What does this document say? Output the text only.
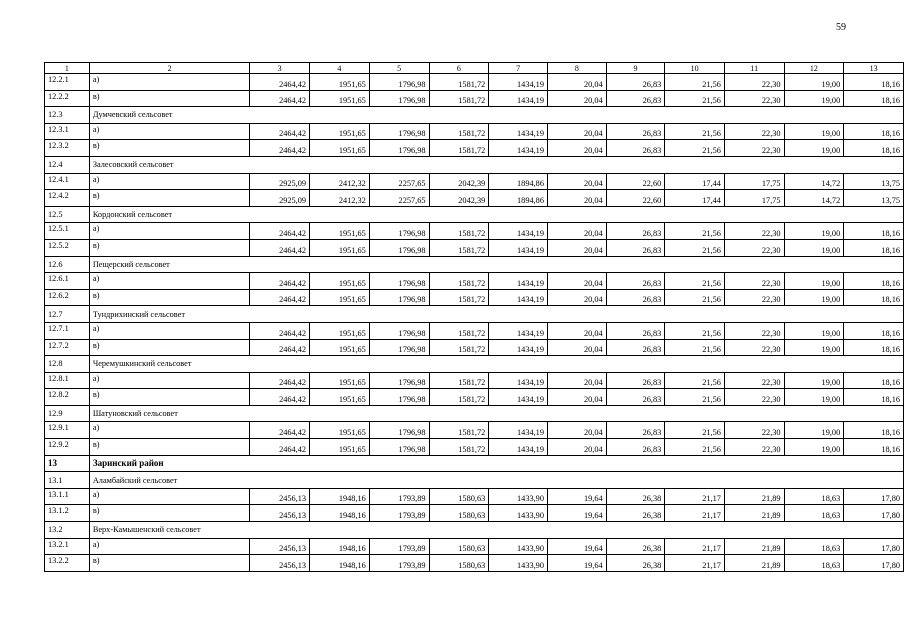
59
1	2	3	4	5	6	7	8	9	10	11	12	13
12.2.1	а)	2464,42	1951,65	1796,98	1581,72	1434,19	20,04	26,83	21,56	22,30	19,00	18,16
12.2.2	в)	2464,42	1951,65	1796,98	1581,72	1434,19	20,04	26,83	21,56	22,30	19,00	18,16
12.3	Думчевский сельсовет											
12.3.1	а)	2464,42	1951,65	1796,98	1581,72	1434,19	20,04	26,83	21,56	22,30	19,00	18,16
12.3.2	в)	2464,42	1951,65	1796,98	1581,72	1434,19	20,04	26,83	21,56	22,30	19,00	18,16
12.4	Залесовский сельсовет											
12.4.1	а)	2925,09	2412,32	2257,65	2042,39	1894,86	20,04	22,60	17,44	17,75	14,72	13,75
12.4.2	в)	2925,09	2412,32	2257,65	2042,39	1894,86	20,04	22,60	17,44	17,75	14,72	13,75
12.5	Кордонский сельсовет											
12.5.1	а)	2464,42	1951,65	1796,98	1581,72	1434,19	20,04	26,83	21,56	22,30	19,00	18,16
12.5.2	в)	2464,42	1951,65	1796,98	1581,72	1434,19	20,04	26,83	21,56	22,30	19,00	18,16
12.6	Пещерский сельсовет											
12.6.1	а)	2464,42	1951,65	1796,98	1581,72	1434,19	20,04	26,83	21,56	22,30	19,00	18,16
12.6.2	в)	2464,42	1951,65	1796,98	1581,72	1434,19	20,04	26,83	21,56	22,30	19,00	18,16
12.7	Тундрихинский сельсовет											
12.7.1	а)	2464,42	1951,65	1796,98	1581,72	1434,19	20,04	26,83	21,56	22,30	19,00	18,16
12.7.2	в)	2464,42	1951,65	1796,98	1581,72	1434,19	20,04	26,83	21,56	22,30	19,00	18,16
12.8	Черемушкинский сельсовет											
12.8.1	а)	2464,42	1951,65	1796,98	1581,72	1434,19	20,04	26,83	21,56	22,30	19,00	18,16
12.8.2	в)	2464,42	1951,65	1796,98	1581,72	1434,19	20,04	26,83	21,56	22,30	19,00	18,16
12.9	Шатуновский сельсовет											
12.9.1	а)	2464,42	1951,65	1796,98	1581,72	1434,19	20,04	26,83	21,56	22,30	19,00	18,16
12.9.2	в)	2464,42	1951,65	1796,98	1581,72	1434,19	20,04	26,83	21,56	22,30	19,00	18,16
13	Заринский район											
13.1	Аламбайский сельсовет											
13.1.1	а)	2456,13	1948,16	1793,89	1580,63	1433,90	19,64	26,38	21,17	21,89	18,63	17,80
13.1.2	в)	2456,13	1948,16	1793,89	1580,63	1433,90	19,64	26,38	21,17	21,89	18,63	17,80
13.2	Верх-Камышенский сельсовет											
13.2.1	а)	2456,13	1948,16	1793,89	1580,63	1433,90	19,64	26,38	21,17	21,89	18,63	17,80
13.2.2	в)	2456,13	1948,16	1793,89	1580,63	1433,90	19,64	26,38	21,17	21,89	18,63	17,80
